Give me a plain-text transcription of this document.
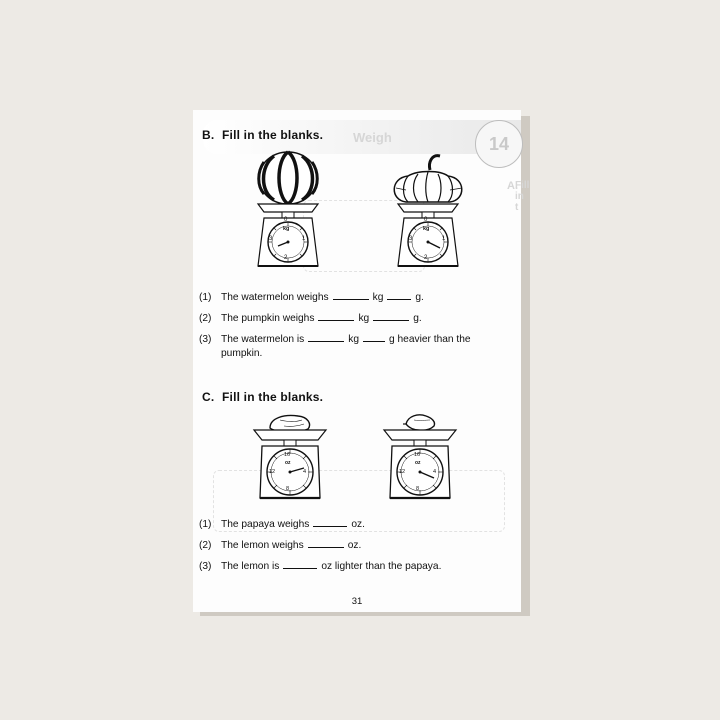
Weigh	14
A.
Fill in t
B. Fill in the blanks.
0
1
2
3
kg
0
1
2
3
kg
(1) The watermelon weighs	kg	g.
(2) The pumpkin weighs	kg	g.
(3) The watermelon is	kg	g heavier than the
pumpkin.
C. Fill in the blanks.
16
4
8
12
oz
16
4
8
12
oz
(1) The papaya weighs	oz.
(2) The lemon weighs	oz.
(3) The lemon is	oz lighter than the papaya.
31
